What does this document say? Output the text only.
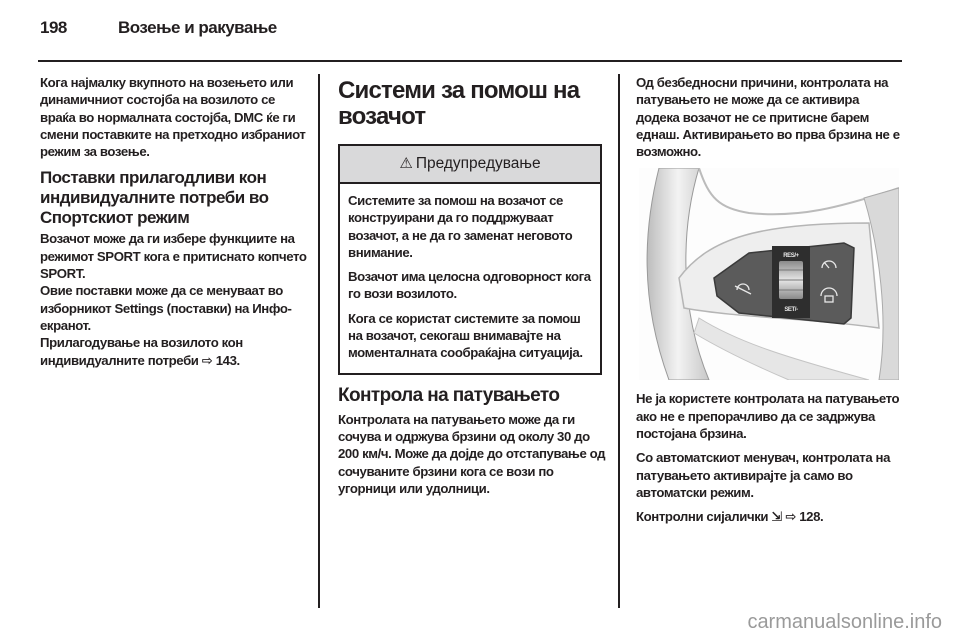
198	Возење и ракување

Кога најмалку вкупното на возењето или динамичниот состојба на возилото се враќа во нормалната состојба, DMC ќе ги смени поставките на претходно избраниот режим за возење.

Поставки прилагодливи кон индивидуалните потреби во Спортскиот режим

Возачот може да ги избере функциите на режимот SPORT кога е притиснато копчето SPORT.

Овие поставки може да се менуваат во изборникот Settings (поставки) на Инфо-екранот.

Прилагодување на возилото кон индивидуалните потреби ⇨ 143.

Системи за помош на возачот
⚠ Предупредување

Системите за помош на возачот се конструирани да го поддржуваат возачот, а не да го заменат неговото внимание.

Возачот има целосна одговорност кога го вози возилото.

Кога се користат системите за помош на возачот, секогаш внимавајте на моменталната сообраќајна ситуација.

Контрола на патувањето

Контролата на патувањето може да ги сочува и одржува брзини од околу 30 до 200 км/ч. Може да дојде до отстапување од сочуваните брзини кога се вози по угорници или удолници.

Од безбедносни причини, контролата на патувањето не може да се активира додека возачот не се притисне барем еднаш. Активирањето во прва брзина не е возможно.

RES/+
SET/-

Не ја користете контролата на патувањето ако не е препорачливо да се задржува постојана брзина.

Со автоматскиот менувач, контролата на патувањето активирајте ја само во автоматски режим.

Контролни сијалички ⇲ ⇨ 128.

carmanualsonline.info
